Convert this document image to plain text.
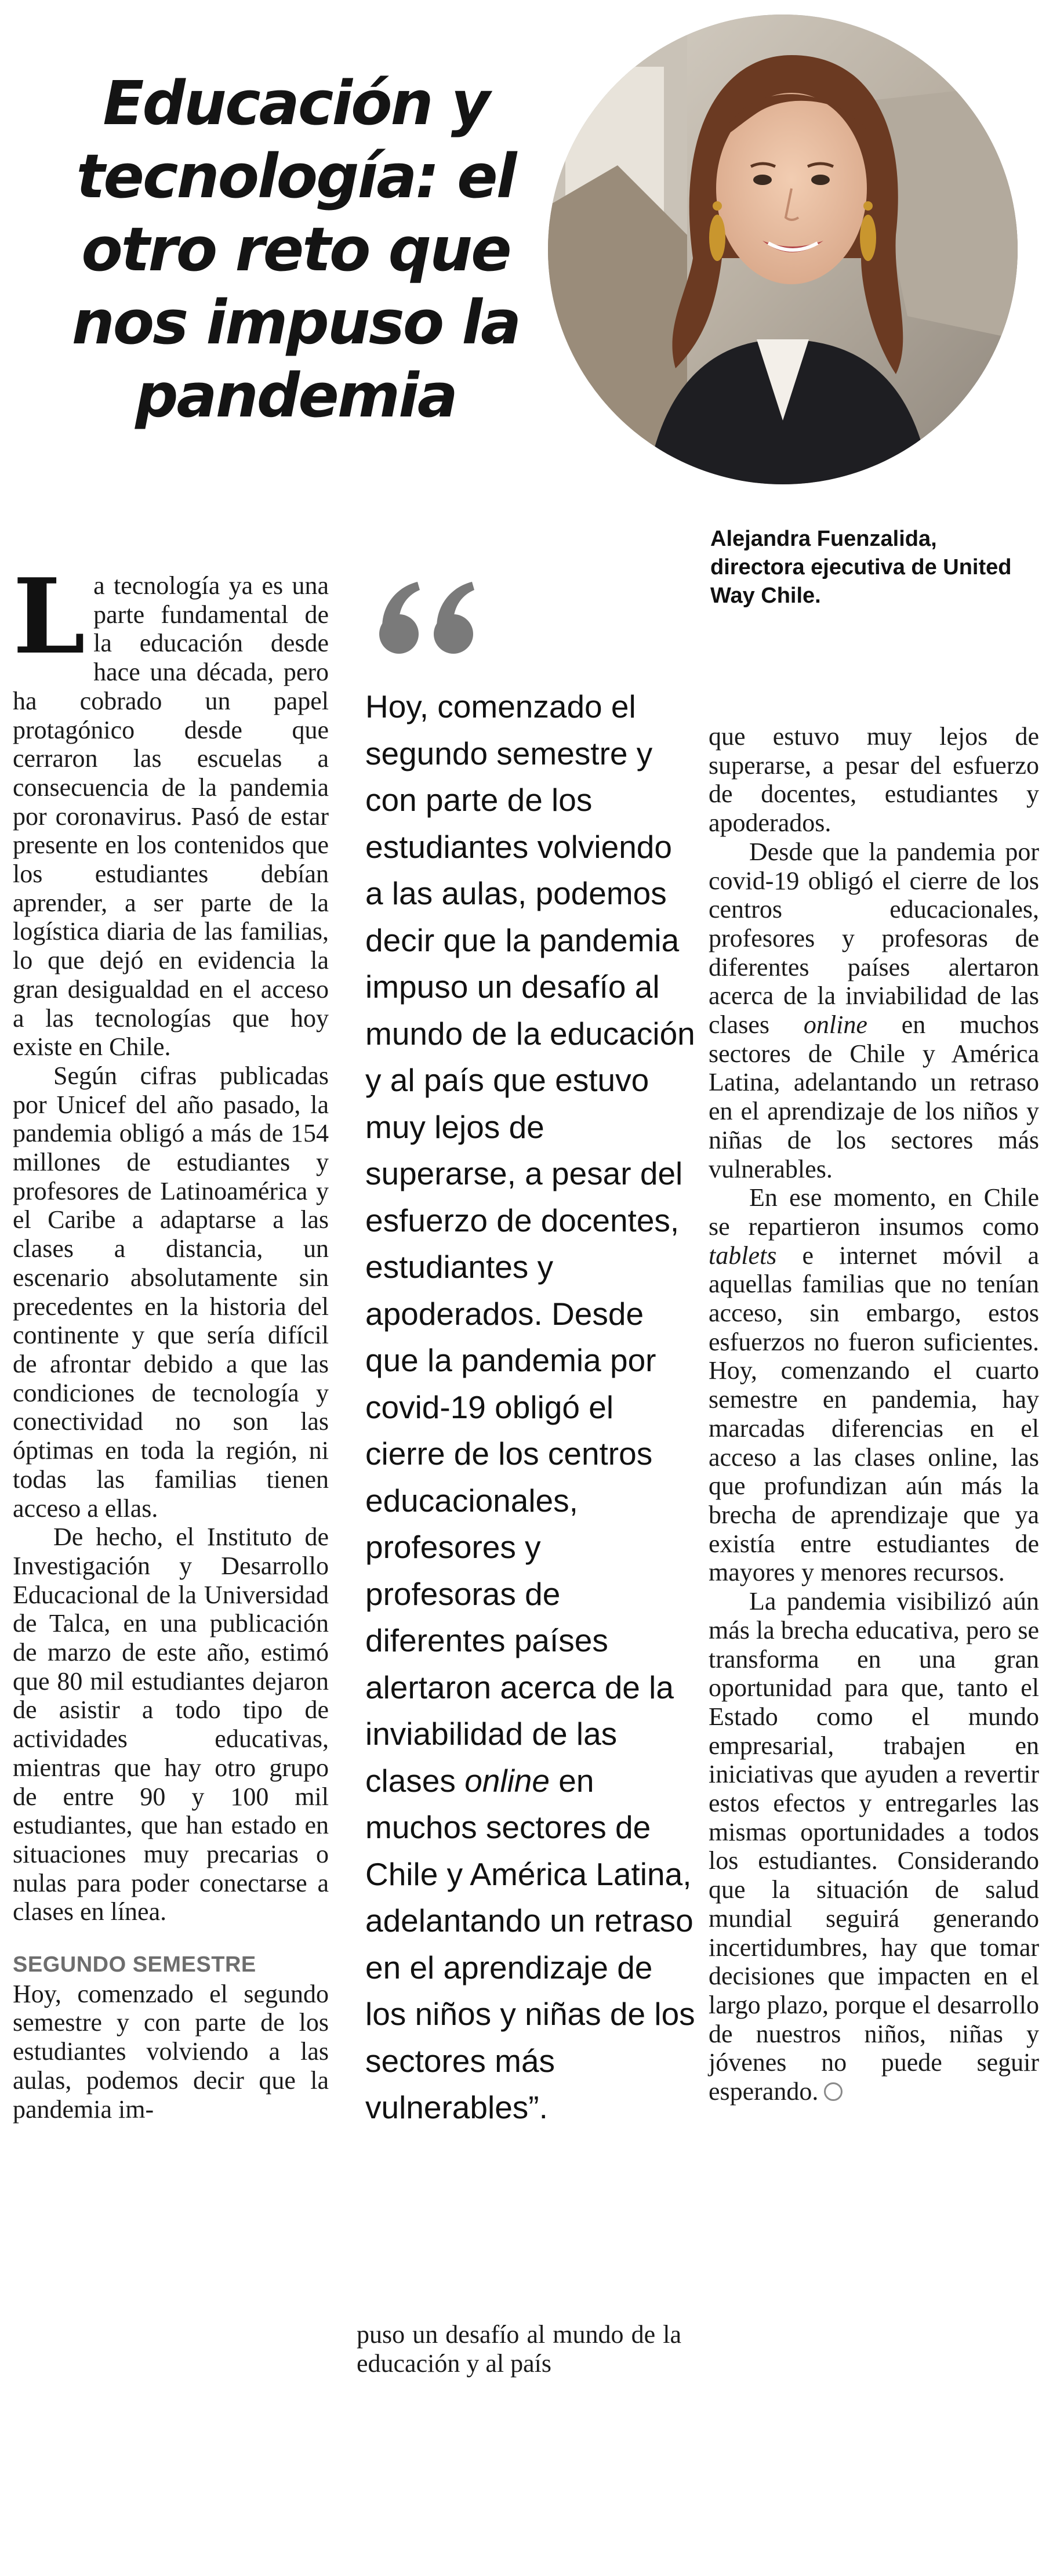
Educación y tecnología: el otro reto que nos impuso la pandemia
Alejandra Fuenzalida,
directora ejecutiva de United Way Chile.

La tecnología ya es una parte fundamental de la educación desde hace una década, pero ha cobrado un papel protagónico desde que cerraron las escuelas a consecuencia de la pandemia por coronavirus. Pasó de estar presente en los contenidos que los estudiantes debían aprender, a ser parte de la logística diaria de las familias, lo que dejó en evidencia la gran desigualdad en el acceso a las tecnologías que hoy existe en Chile.

Según cifras publicadas por Unicef del año pasado, la pandemia obligó a más de 154 millones de estudiantes y profesores de Latinoamérica y el Caribe a adaptarse a las clases a distancia, un escenario absolutamente sin precedentes en la historia del continente y que sería difícil de afrontar debido a que las condiciones de tecnología y conectividad no son las óptimas en toda la región, ni todas las familias tienen acceso a ellas.

De hecho, el Instituto de Investigación y Desarrollo Educacional de la Universidad de Talca, en una publicación de marzo de este año, estimó que 80 mil estudiantes dejaron de asistir a todo tipo de actividades educativas, mientras que hay otro grupo de entre 90 y 100 mil estudiantes, que han estado en situaciones muy precarias o nulas para poder conectarse a clases en línea.

SEGUNDO SEMESTRE

Hoy, comenzado el segundo semestre y con parte de los estudiantes volviendo a las aulas, podemos decir que la pandemia im-

Hoy, comenzado el segundo semestre y con parte de los estudiantes volviendo a las aulas, podemos decir que la pandemia impuso un desafío al mundo de la educación y al país que estuvo muy lejos de superarse, a pesar del esfuerzo de docentes, estudiantes y apoderados. Desde que la pandemia por covid-19 obligó el cierre de los centros educacionales, profesores y profesoras de diferentes países alertaron acerca de la inviabilidad de las clases online en muchos sectores de Chile y América Latina, adelantando un retraso en el aprendizaje de los niños y niñas de los sectores más vulnerables”.

puso un desafío al mundo de la educación y al país

que estuvo muy lejos de superarse, a pesar del esfuerzo de docentes, estudiantes y apoderados.

Desde que la pandemia por covid-19 obligó el cierre de los centros educacionales, profesores y profesoras de diferentes países alertaron acerca de la inviabilidad de las clases online en muchos sectores de Chile y América Latina, adelantando un retraso en el aprendizaje de los niños y niñas de los sectores más vulnerables.

En ese momento, en Chile se repartieron insumos como tablets e internet móvil a aquellas familias que no tenían acceso, sin embargo, estos esfuerzos no fueron suficientes. Hoy, comenzando el cuarto semestre en pandemia, hay marcadas diferencias en el acceso a las clases online, las que profundizan aún más la brecha de aprendizaje que ya existía entre estudiantes de mayores y menores recursos.

La pandemia visibilizó aún más la brecha educativa, pero se transforma en una gran oportunidad para que, tanto el Estado como el mundo empresarial, trabajen en iniciativas que ayuden a revertir estos efectos y entregarles las mismas oportunidades a todos los estudiantes. Considerando que la situación de salud mundial seguirá generando incertidumbres, hay que tomar decisiones que impacten en el largo plazo, porque el desarrollo de nuestros niños, niñas y jóvenes no puede seguir esperando.
